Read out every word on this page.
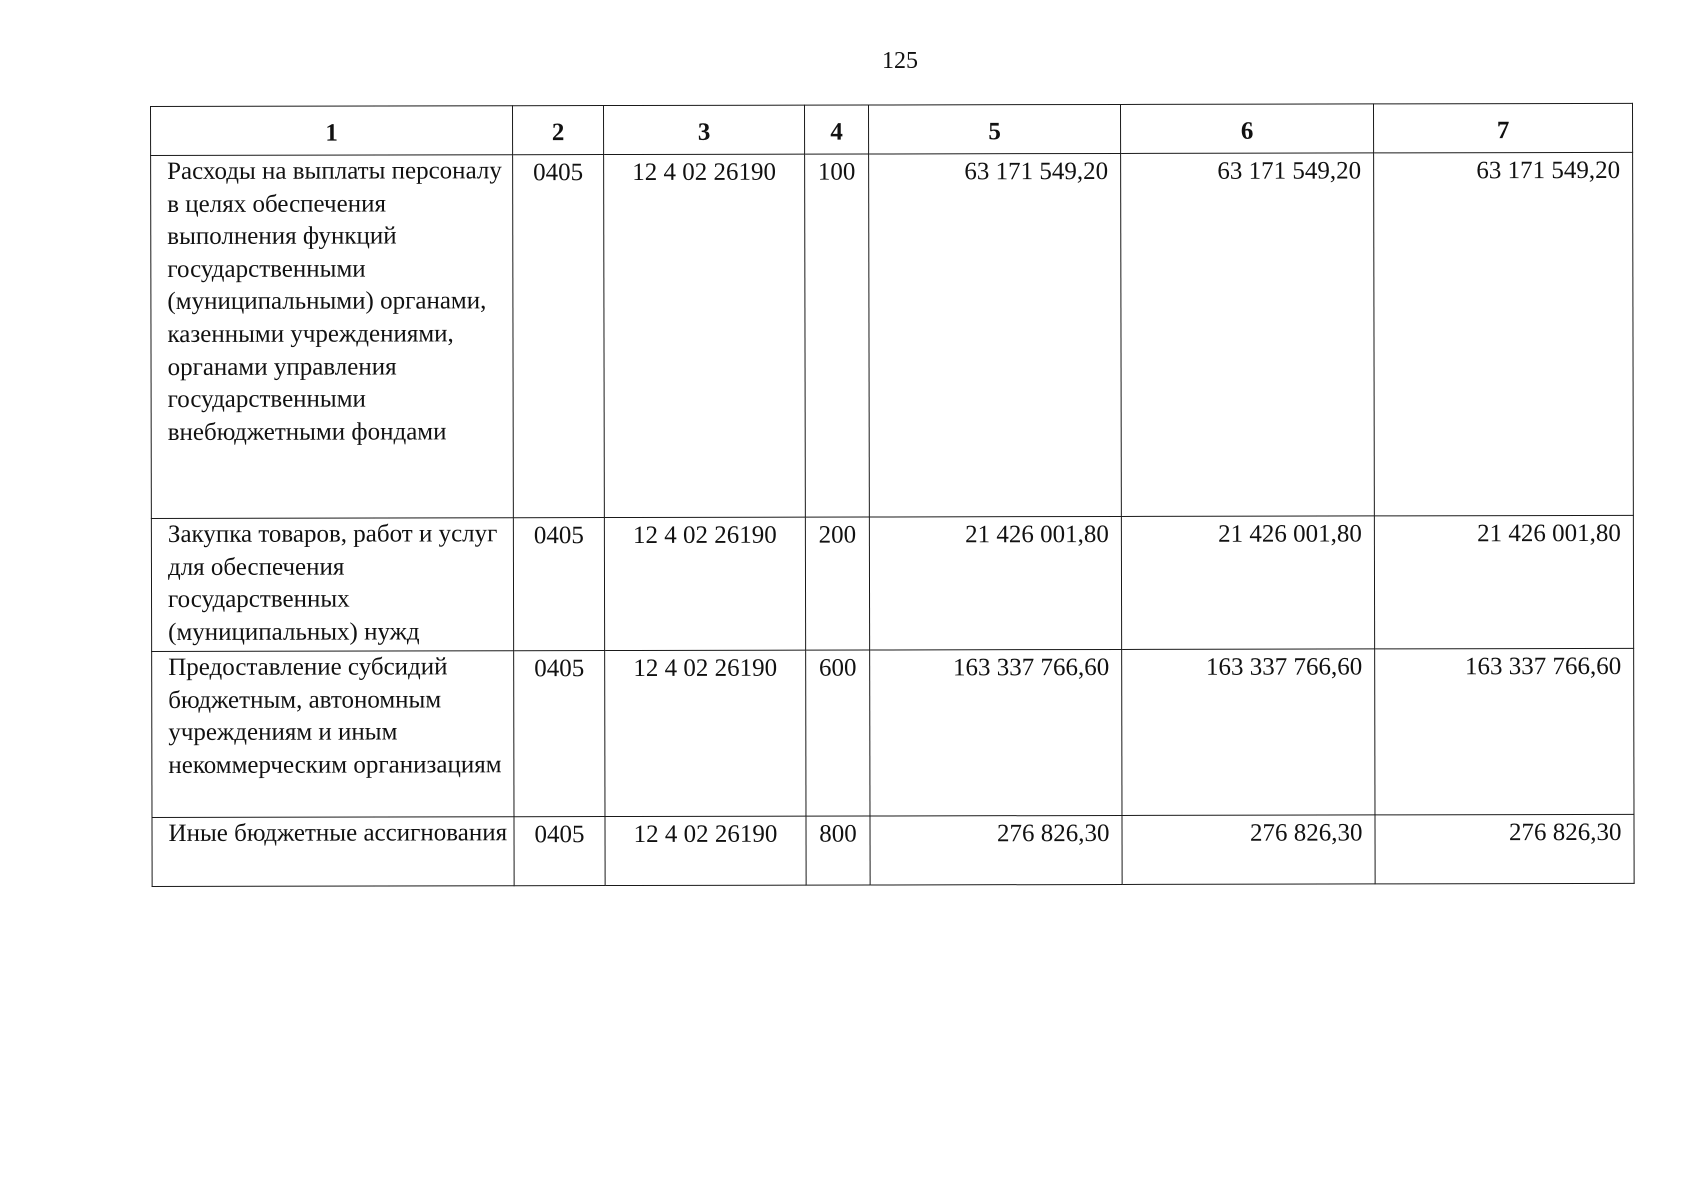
125
1	2	3	4	5	6	7
Расходы на выплаты персоналу в целях обеспечения выполнения функций государственными (муниципальными) органами, казенными учреждениями, органами управления государственными внебюджетными фондами	0405	12 4 02 26190	100	63 171 549,20	63 171 549,20	63 171 549,20
Закупка товаров, работ и услуг для обеспечения государственных (муниципальных) нужд	0405	12 4 02 26190	200	21 426 001,80	21 426 001,80	21 426 001,80
Предоставление субсидий бюджетным, автономным учреждениям и иным некоммерческим организациям	0405	12 4 02 26190	600	163 337 766,60	163 337 766,60	163 337 766,60
Иные бюджетные ассигнования	0405	12 4 02 26190	800	276 826,30	276 826,30	276 826,30
